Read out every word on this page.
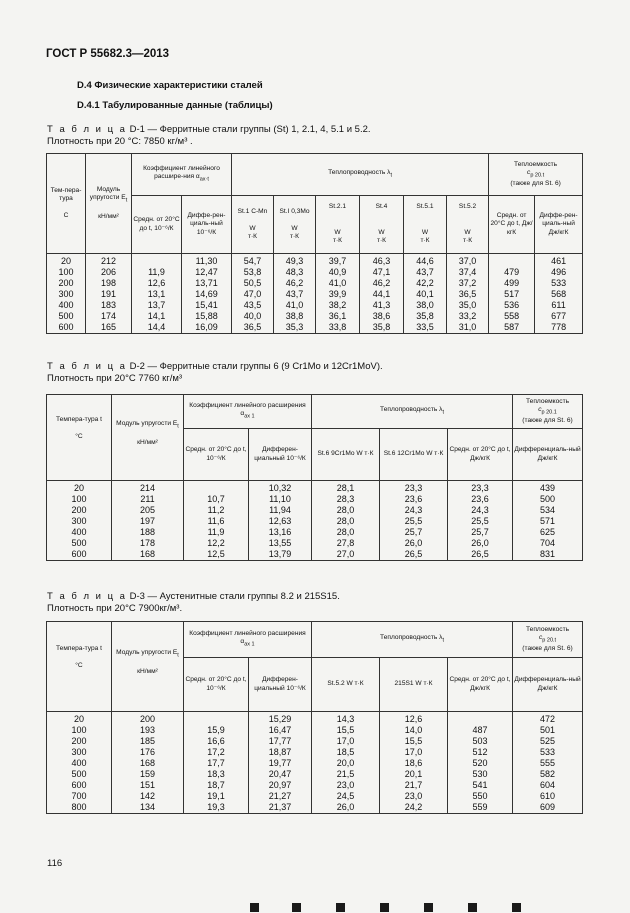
ГОСТ Р 55682.3—2013
D.4 Физические характеристики сталей
D.4.1 Табулированные данные (таблицы)
Т а б л и ц а D-1 — Ферритные стали группы (St) 1, 2.1, 4, 5.1 и 5.2.
Плотность при 20 °С: 7850 кг/м³ .
Тем-пера-тура

С	Модуль упругости $E_t$

кН/мм²	Коэффициент линейного расшире-ния $\alpha_{ах\cdot t}$		Теплопроводность $\lambda_t$						Теплоемкость
$c_{p 20.t}$
(также для St. 6)	
		Средн. от 20°С до t, 10⁻⁶/К	Диффе-рен-циаль-ный 10⁻⁶/К	St.1 C-Mn

W
т·К	St.I 0,3Mo

W
т·К	St.2.1

W
т·К	St.4

W
т·К	St.5.1

W
т·К	St.5.2

W
т·К	Средн. от 20°С до t, Дж/кгК	Диффе-рен-циаль-ный Дж/кгК
20	212		11,30	54,7	49,3	39,7	46,3	44,6	37,0		461
100	206	11,9	12,47	53,8	48,3	40,9	47,1	43,7	37,4	479	496
200	198	12,6	13,71	50,5	46,2	41,0	46,2	42,2	37,2	499	533
300	191	13,1	14,69	47,0	43,7	39,9	44,1	40,1	36,5	517	568
400	183	13,7	15,41	43,5	41,0	38,2	41,3	38,0	35,0	536	611
500	174	14,1	15,88	40,0	38,8	36,1	38,6	35,8	33,2	558	677
600	165	14,4	16,09	36,5	35,3	33,8	35,8	33,5	31,0	587	778
Т а б л и ц а D-2 — Ферритные стали группы 6 (9 Cr1Mo и 12Cr1MoV).
Плотность при 20°С 7760 кг/м³
Темпера-тура t

°С	Модуль упругости $E_t$

кН/мм²	Коэффициент линейного расширения $\alpha_{ax 1}$		Теплопроводность $\lambda_t$			Теплоемкость
$c_{p 20.1}$
(также для St. 6)
		Средн. от 20°С до t, 10⁻⁶/К	Дифферен-циальный 10⁻⁶/К	St.6 9Cr1Mo W т·К	St.6 12Cr1Mo W т·К	Средн. от 20°С до t, Дж/кгК	Дифференциаль-ный Дж/кгК
20	214		10,32	28,1	23,3	23,3	439
100	211	10,7	11,10	28,3	23,6	23,6	500
200	205	11,2	11,94	28,0	24,3	24,3	534
300	197	11,6	12,63	28,0	25,5	25,5	571
400	188	11,9	13,16	28,0	25,7	25,7	625
500	178	12,2	13,55	27,8	26,0	26,0	704
600	168	12,5	13,79	27,0	26,5	26,5	831
Т а б л и ц а D-3 — Аустенитные стали группы 8.2 и 215S15.
Плотность при 20°С 7900кг/м³.
Темпера-тура t

°С	Модуль упругости $E_t$

кН/мм²	Коэффициент линейного расширения $\alpha_{ax 1}$		Теплопроводность $\lambda_t$			Теплоемкость
$c_{p 20.t}$
(также для St. 6)
		Средн. от 20°С до t, 10⁻⁶/К	Дифферен-циальный 10⁻⁶/К	St.5.2 W т·К	215S1 W т·К	Средн. от 20°С до t, Дж/кгК	Дифференциаль-ный Дж/кгК
20	200		15,29	14,3	12,6		472
100	193	15,9	16,47	15,5	14,0	487	501
200	185	16,6	17,77	17,0	15,5	503	525
300	176	17,2	18,87	18,5	17,0	512	533
400	168	17,7	19,77	20,0	18,6	520	555
500	159	18,3	20,47	21,5	20,1	530	582
600	151	18,7	20,97	23,0	21,7	541	604
700	142	19,1	21,27	24,5	23,0	550	610
800	134	19,3	21,37	26,0	24,2	559	609
116
